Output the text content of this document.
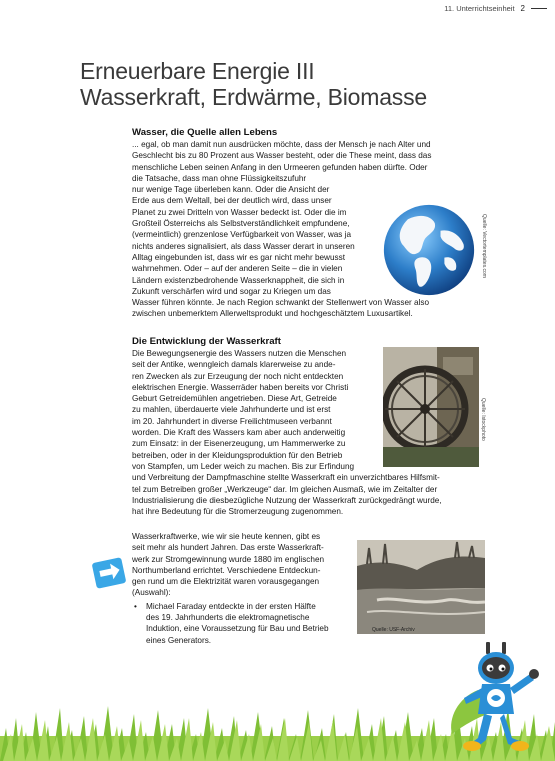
11. Unterrichtseinheit 2
Erneuerbare Energie III
Wasserkraft, Erdwärme, Biomasse
Wasser, die Quelle allen Lebens
... egal, ob man damit nun ausdrücken möchte, dass der Mensch je nach Alter und
Geschlecht bis zu 80 Prozent aus Wasser besteht, oder die These meint, dass das
menschliche Leben seinen Anfang in den Urmeeren gefunden haben dürfte. Oder
die Tatsache, dass man ohne Flüssigkeitszufuhr
nur wenige Tage überleben kann. Oder die Ansicht der
Erde aus dem Weltall, bei der deutlich wird, dass unser
Planet zu zwei Dritteln von Wasser bedeckt ist. Oder die im
Großteil Österreichs als Selbstverständlichkeit empfundene,
(vermeintlich) grenzenlose Verfügbarkeit von Wasser, was ja
nichts anderes signalisiert, als dass Wasser derart in unseren
Alltag eingebunden ist, dass wir es gar nicht mehr bewusst
wahrnehmen. Oder – auf der anderen Seite – die in vielen
Ländern existenzbedrohende Wasserknappheit, die sich in
Zukunft verschärfen wird und sogar zu Kriegen um das
Wasser führen könnte. Je nach Region schwankt der Stellenwert von Wasser also
zwischen unbemerktem Allerweltsprodukt und hochgeschätztem Luxusartikel.
Quelle: Vectortemplates.com
Die Entwicklung der Wasserkraft
Die Bewegungsenergie des Wassers nutzen die Menschen
seit der Antike, wenngleich damals klarerweise zu ande-
ren Zwecken als zur Erzeugung der noch nicht entdeckten
elektrischen Energie. Wasserräder haben bereits vor Christi
Geburt Getreidemühlen angetrieben. Diese Art, Getreide
zu mahlen, überdauerte viele Jahrhunderte und ist erst
im 20. Jahrhundert in diverse Freilichtmuseen verbannt
worden. Die Kraft des Wassers kam aber auch anderweitig
zum Einsatz: in der Eisenerzeugung, um Hammerwerke zu
betreiben, oder in der Kleidungsproduktion für den Betrieb
von Stampfen, um Leder weich zu machen. Bis zur Erfindung
und Verbreitung der Dampfmaschine stellte Wasserkraft ein unverzichtbares Hilfsmit-
tel zum Betreiben großer „Werkzeuge“ dar. Im gleichen Ausmaß, wie im Zeitalter der
Industrialisierung die diesbezügliche Nutzung der Wasserkraft zurückgedrängt wurde,
hat ihre Bedeutung für die Stromerzeugung zugenommen.
Quelle: Istockphoto
Wasserkraftwerke, wie wir sie heute kennen, gibt es
seit mehr als hundert Jahren. Das erste Wasserkraft-
werk zur Stromgewinnung wurde 1880 im englischen
Northumberland errichtet. Verschiedene Entdeckun-
gen rund um die Elektrizität waren vorausgegangen
(Auswahl):
• Michael Faraday entdeckte in der ersten Hälfte
des 19. Jahrhunderts die elektromagnetische
Induktion, eine Voraussetzung für Bau und Betrieb
eines Generators.
Quelle: USF-Archiv
